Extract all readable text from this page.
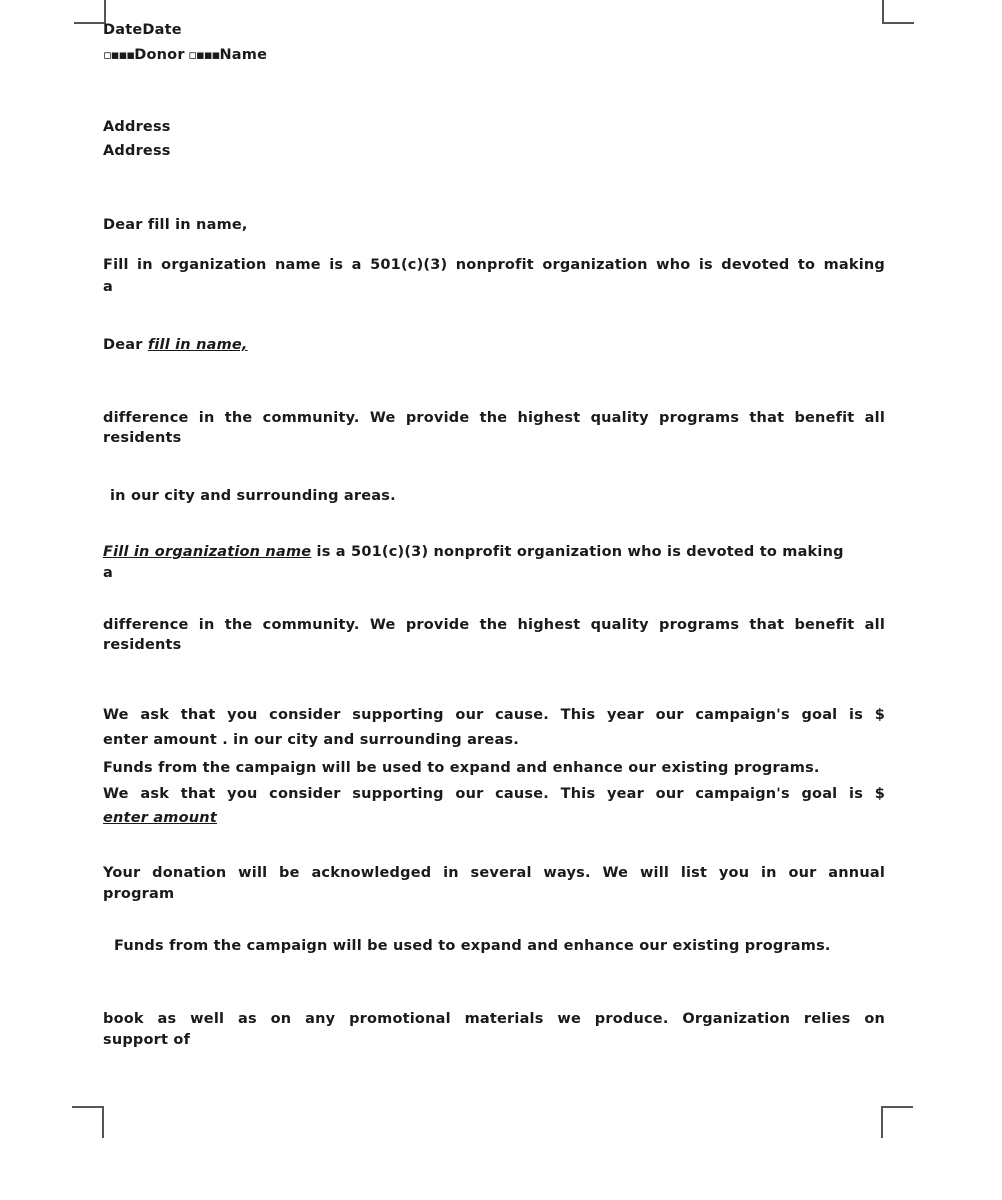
DateDate
▫▪▪▪Donor ▫▪▪▪Name
Address
Address
Dear fill in name,
Fill in organization name is a 501(c)(3) nonprofit organization who is devoted to making
a
Dear fill in name,
difference in the community. We provide the highest quality programs that benefit all
residents
in our city and surrounding areas.
Fill in organization name is a 501(c)(3) nonprofit organization who is devoted to making
a
difference in the community. We provide the highest quality programs that benefit all
residents
We ask that you consider supporting our cause. This year our campaign's goal is $
enter amount . in our city and surrounding areas.
Funds from the campaign will be used to expand and enhance our existing programs.
We ask that you consider supporting our cause. This year our campaign's goal is $
enter amount
Your donation will be acknowledged in several ways. We will list you in our annual
program
Funds from the campaign will be used to expand and enhance our existing programs.
book as well as on any promotional materials we produce. Organization relies on
support of
